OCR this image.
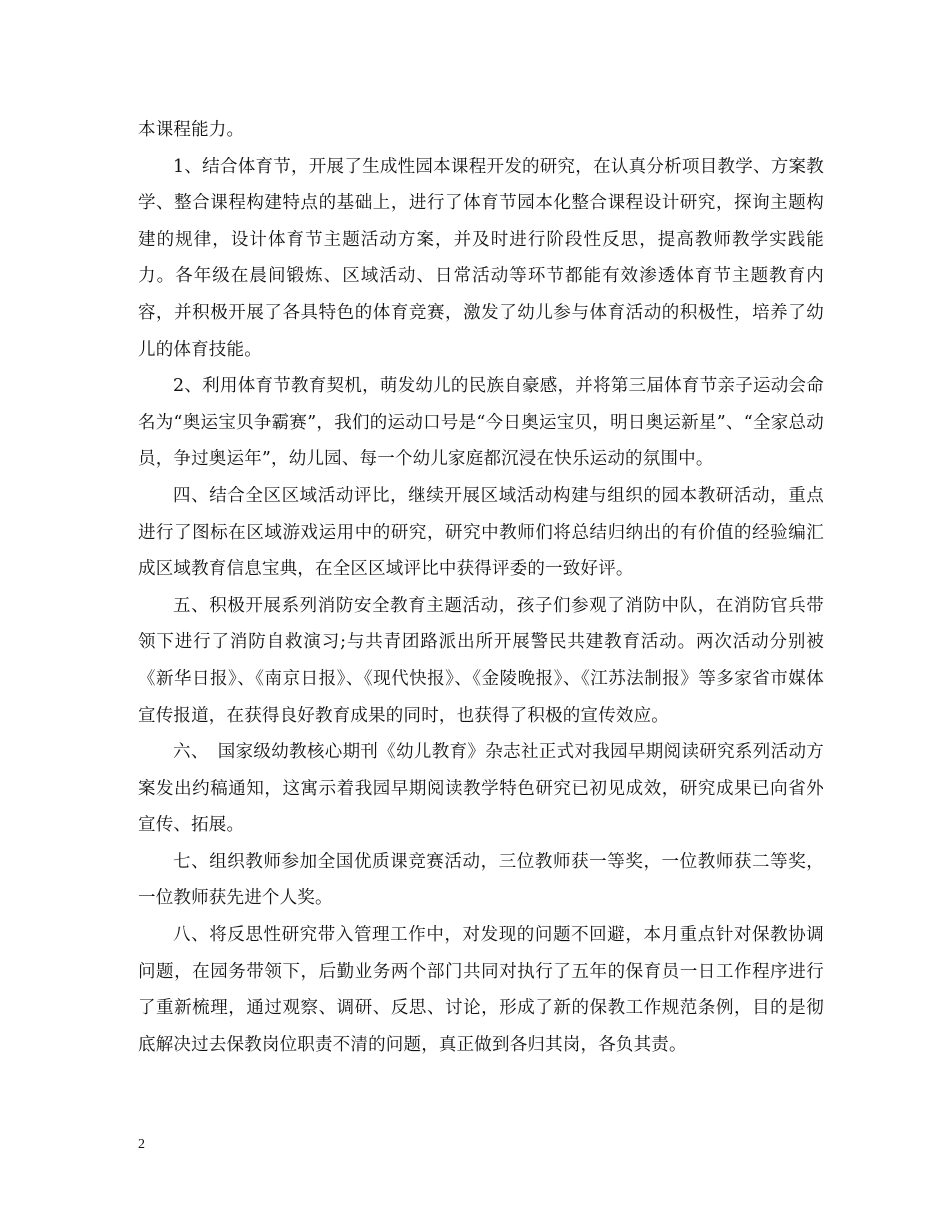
本课程能力。

1、结合体育节，开展了生成性园本课程开发的研究，在认真分析项目教学、方案教学、整合课程构建特点的基础上，进行了体育节园本化整合课程设计研究，探询主题构建的规律，设计体育节主题活动方案，并及时进行阶段性反思，提高教师教学实践能力。各年级在晨间锻炼、区域活动、日常活动等环节都能有效渗透体育节主题教育内容，并积极开展了各具特色的体育竞赛，激发了幼儿参与体育活动的积极性，培养了幼儿的体育技能。

2、利用体育节教育契机，萌发幼儿的民族自豪感，并将第三届体育节亲子运动会命名为“奥运宝贝争霸赛”，我们的运动口号是“今日奥运宝贝，明日奥运新星”、“全家总动员，争过奥运年”，幼儿园、每一个幼儿家庭都沉浸在快乐运动的氛围中。

四、结合全区区域活动评比，继续开展区域活动构建与组织的园本教研活动，重点进行了图标在区域游戏运用中的研究，研究中教师们将总结归纳出的有价值的经验编汇成区域教育信息宝典，在全区区域评比中获得评委的一致好评。

五、积极开展系列消防安全教育主题活动，孩子们参观了消防中队，在消防官兵带领下进行了消防自救演习;与共青团路派出所开展警民共建教育活动。两次活动分别被《新华日报》、《南京日报》、《现代快报》、《金陵晚报》、《江苏法制报》等多家省市媒体宣传报道，在获得良好教育成果的同时，也获得了积极的宣传效应。

六、　国家级幼教核心期刊《幼儿教育》杂志社正式对我园早期阅读研究系列活动方案发出约稿通知，这寓示着我园早期阅读教学特色研究已初见成效，研究成果已向省外宣传、拓展。

七、组织教师参加全国优质课竞赛活动，三位教师获一等奖，一位教师获二等奖，一位教师获先进个人奖。

八、将反思性研究带入管理工作中，对发现的问题不回避，本月重点针对保教协调问题，在园务带领下，后勤业务两个部门共同对执行了五年的保育员一日工作程序进行了重新梳理，通过观察、调研、反思、讨论，形成了新的保教工作规范条例，目的是彻底解决过去保教岗位职责不清的问题，真正做到各归其岗，各负其责。

2
